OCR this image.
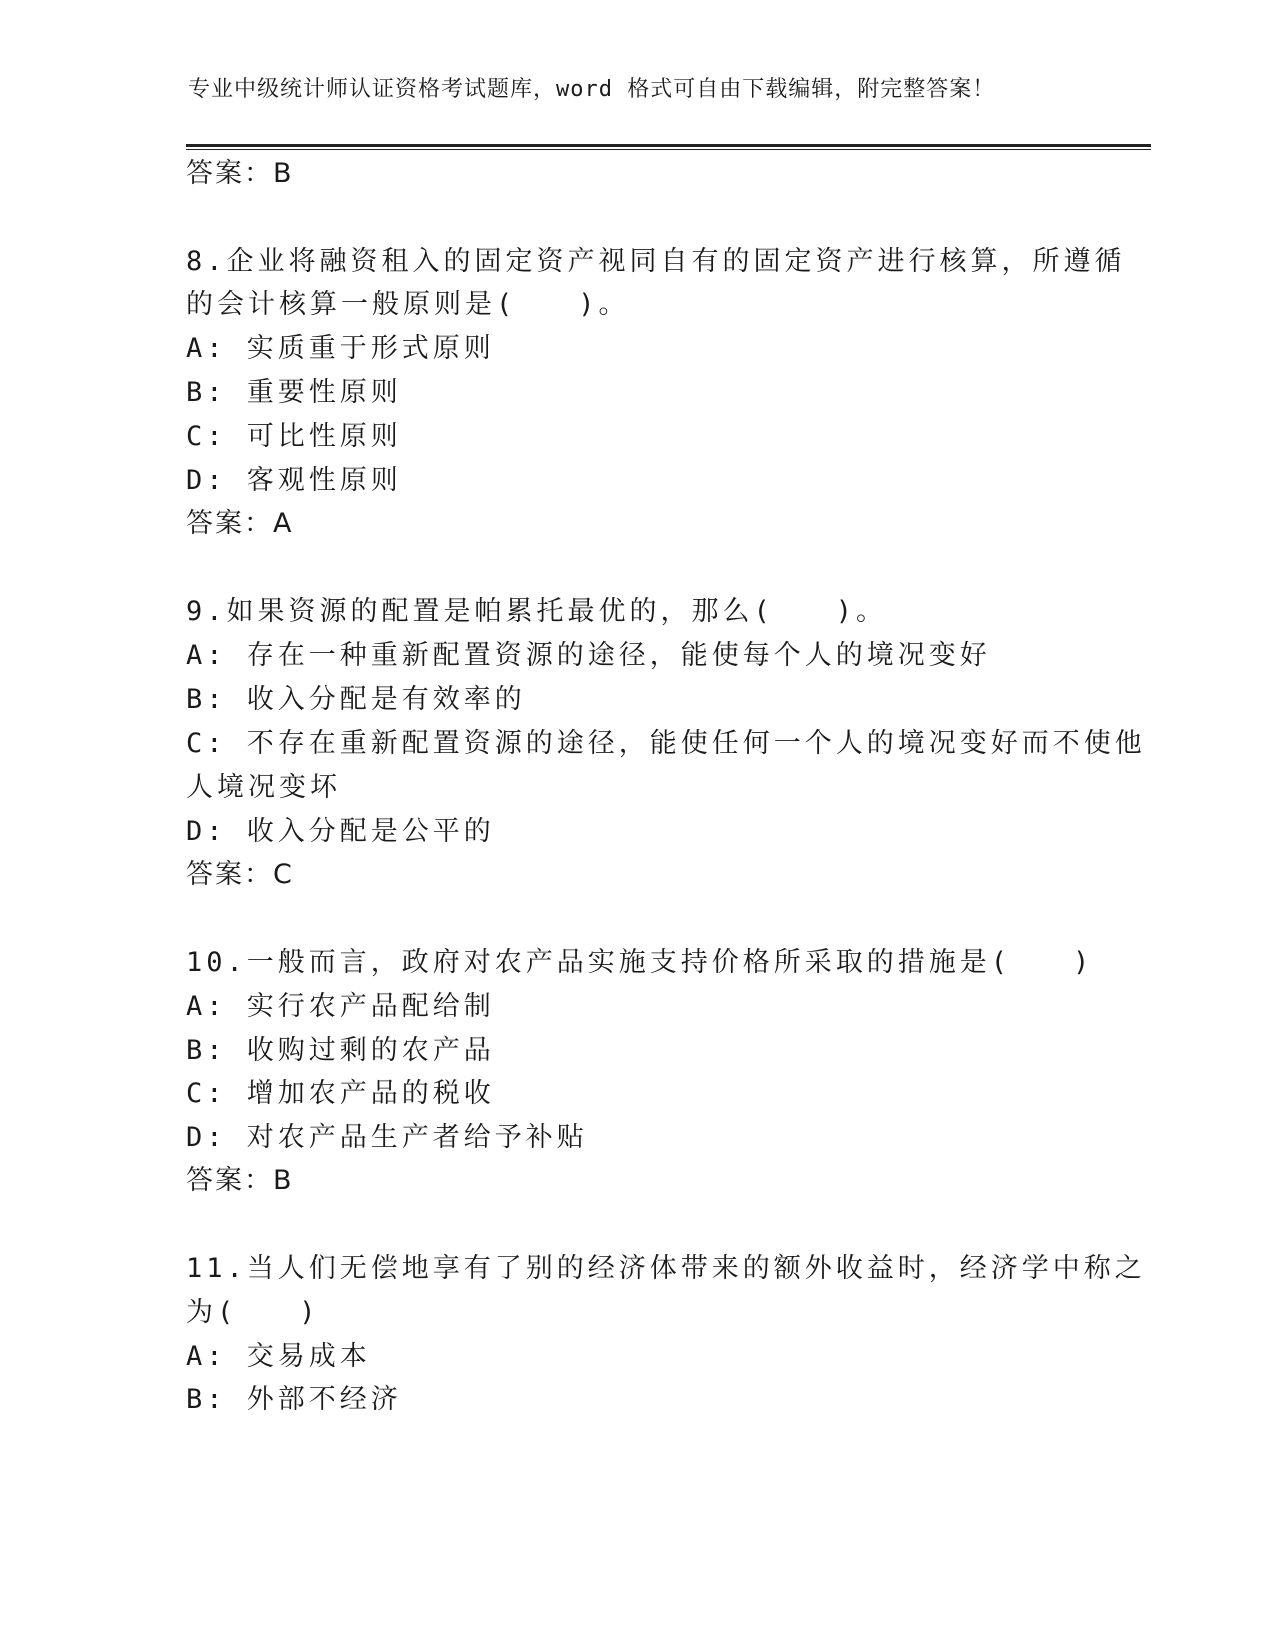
专业中级统计师认证资格考试题库，word 格式可自由下载编辑，附完整答案！
答案：B
8.企业将融资租入的固定资产视同自有的固定资产进行核算，所遵循
的会计核算一般原则是(　　)。
A: 实质重于形式原则
B: 重要性原则
C: 可比性原则
D: 客观性原则
答案：A
9.如果资源的配置是帕累托最优的，那么(　　)。
A: 存在一种重新配置资源的途径，能使每个人的境况变好
B: 收入分配是有效率的
C: 不存在重新配置资源的途径，能使任何一个人的境况变好而不使他
人境况变坏
D: 收入分配是公平的
答案：C
10.一般而言，政府对农产品实施支持价格所采取的措施是(　　)
A: 实行农产品配给制
B: 收购过剩的农产品
C: 增加农产品的税收
D: 对农产品生产者给予补贴
答案：B
11.当人们无偿地享有了别的经济体带来的额外收益时，经济学中称之
为(　　)
A: 交易成本
B: 外部不经济
